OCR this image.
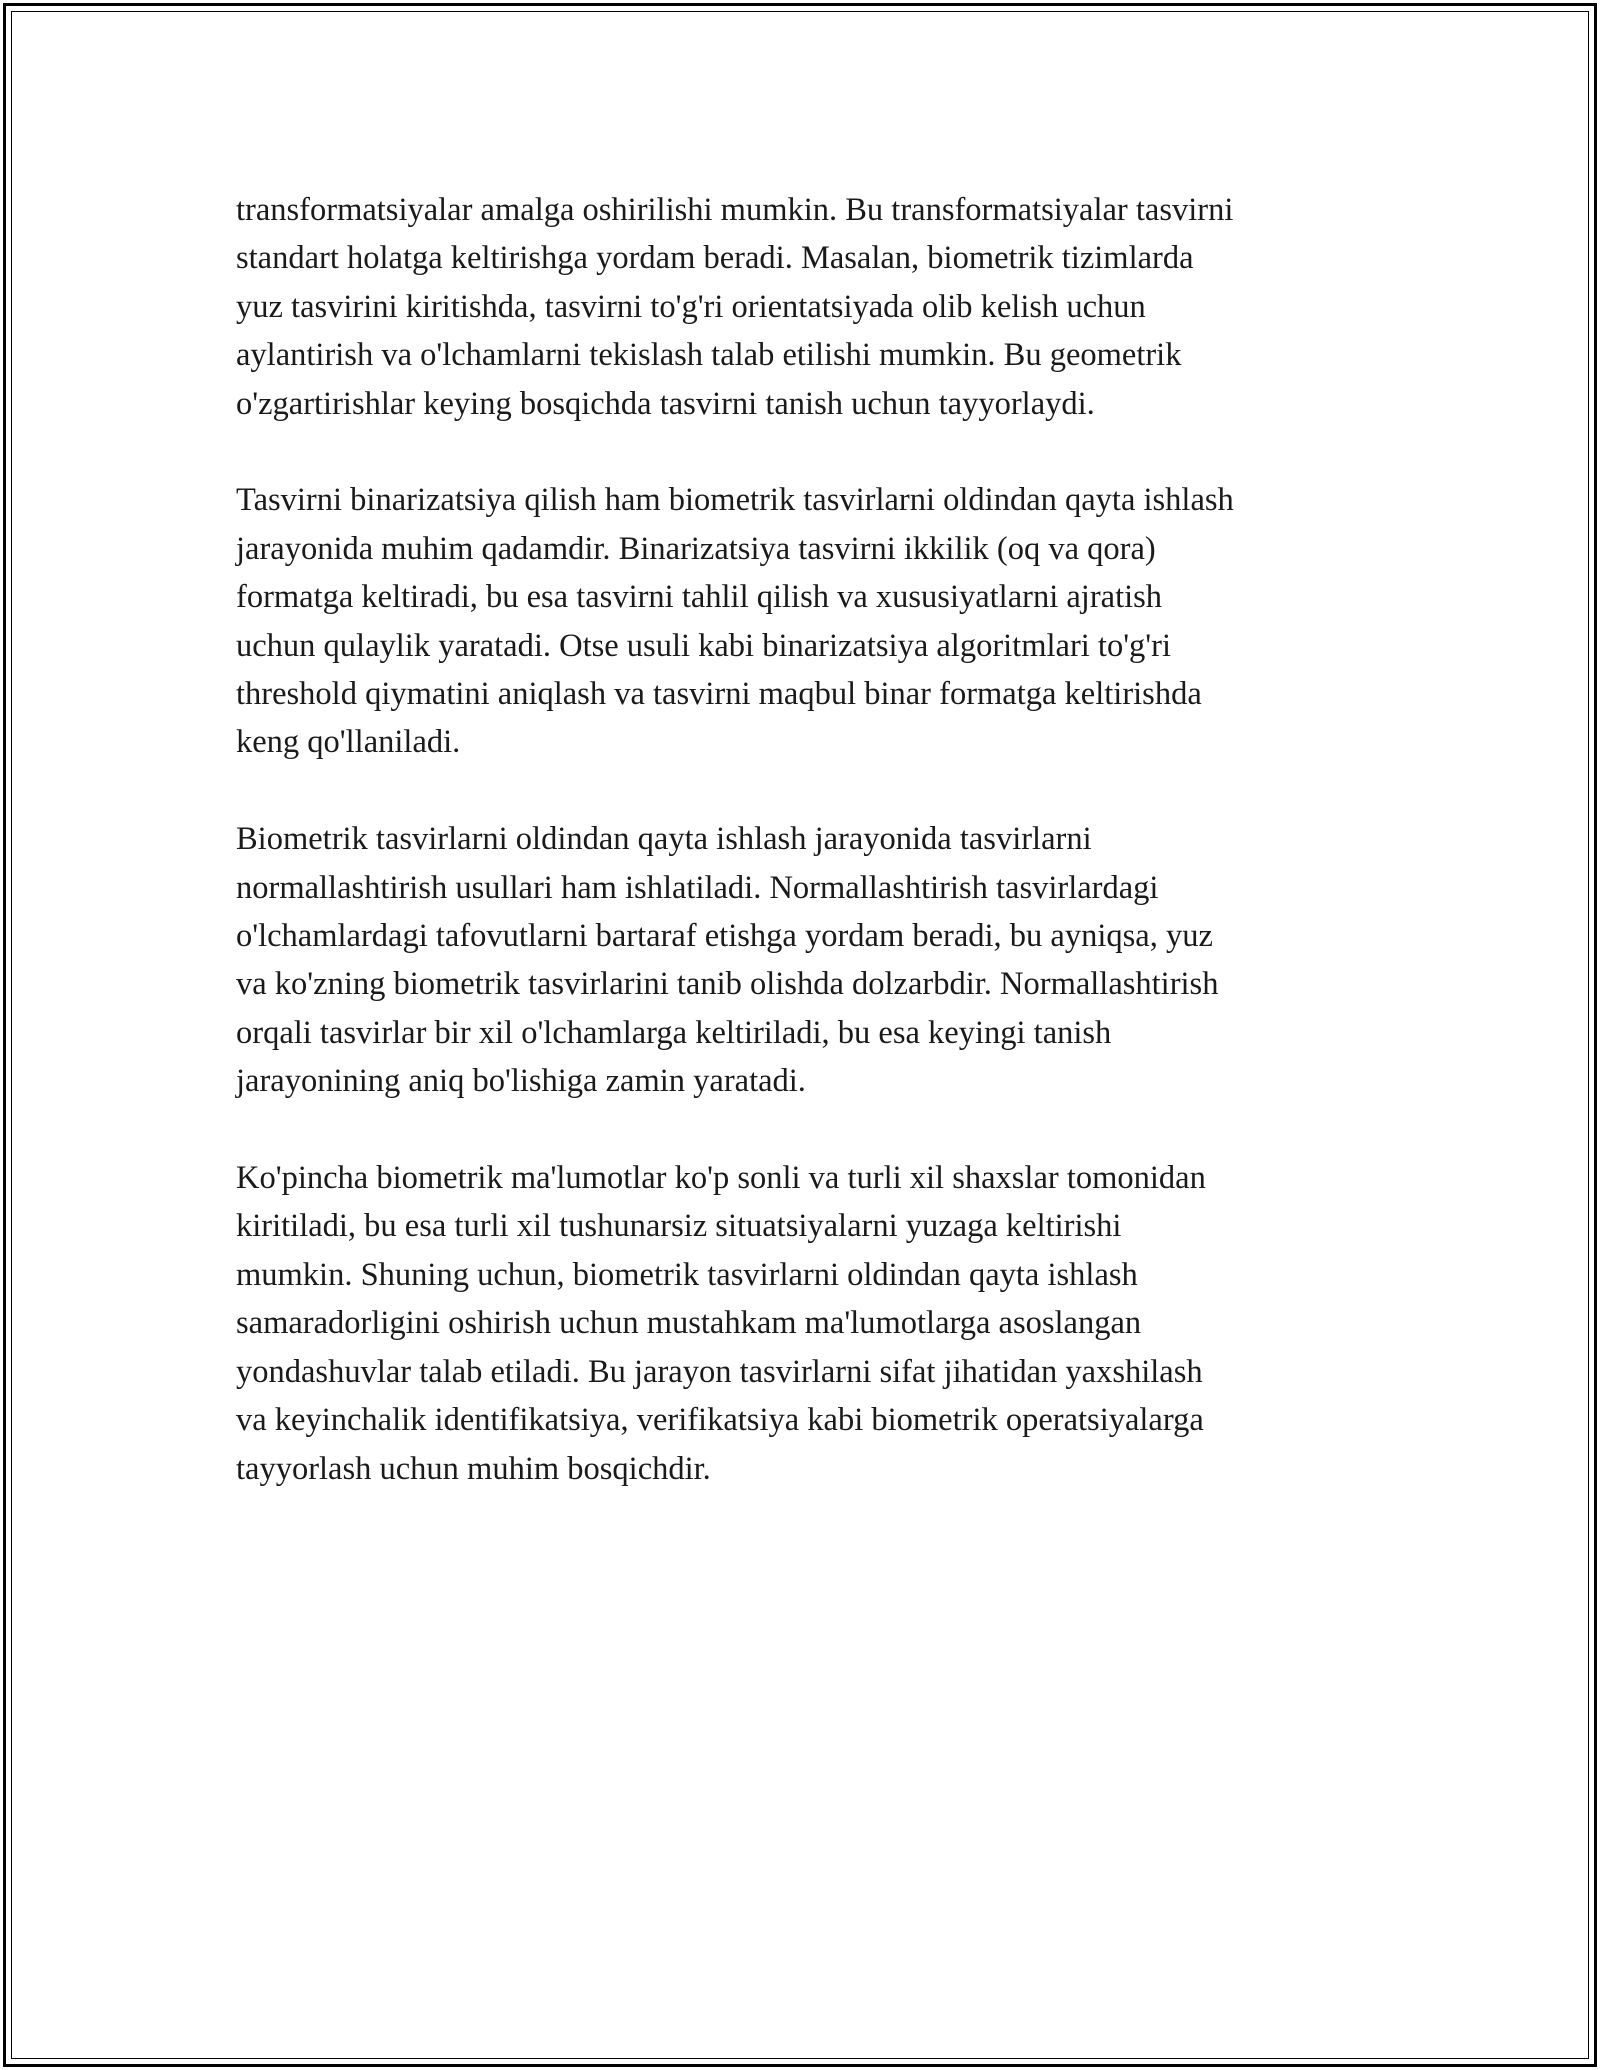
transformatsiyalar amalga oshirilishi mumkin. Bu transformatsiyalar tasvirni
standart holatga keltirishga yordam beradi. Masalan, biometrik tizimlarda
yuz tasvirini kiritishda, tasvirni to'g'ri orientatsiyada olib kelish uchun
aylantirish va o'lchamlarni tekislash talab etilishi mumkin. Bu geometrik
o'zgartirishlar keying bosqichda tasvirni tanish uchun tayyorlaydi.

Tasvirni binarizatsiya qilish ham biometrik tasvirlarni oldindan qayta ishlash
jarayonida muhim qadamdir. Binarizatsiya tasvirni ikkilik (oq va qora)
formatga keltiradi, bu esa tasvirni tahlil qilish va xususiyatlarni ajratish
uchun qulaylik yaratadi. Otse usuli kabi binarizatsiya algoritmlari to'g'ri
threshold qiymatini aniqlash va tasvirni maqbul binar formatga keltirishda
keng qo'llaniladi.

Biometrik tasvirlarni oldindan qayta ishlash jarayonida tasvirlarni
normallashtirish usullari ham ishlatiladi. Normallashtirish tasvirlardagi
o'lchamlardagi tafovutlarni bartaraf etishga yordam beradi, bu ayniqsa, yuz
va ko'zning biometrik tasvirlarini tanib olishda dolzarbdir. Normallashtirish
orqali tasvirlar bir xil o'lchamlarga keltiriladi, bu esa keyingi tanish
jarayonining aniq bo'lishiga zamin yaratadi.

Ko'pincha biometrik ma'lumotlar ko'p sonli va turli xil shaxslar tomonidan
kiritiladi, bu esa turli xil tushunarsiz situatsiyalarni yuzaga keltirishi
mumkin. Shuning uchun, biometrik tasvirlarni oldindan qayta ishlash
samaradorligini oshirish uchun mustahkam ma'lumotlarga asoslangan
yondashuvlar talab etiladi. Bu jarayon tasvirlarni sifat jihatidan yaxshilash
va keyinchalik identifikatsiya, verifikatsiya kabi biometrik operatsiyalarga
tayyorlash uchun muhim bosqichdir.
